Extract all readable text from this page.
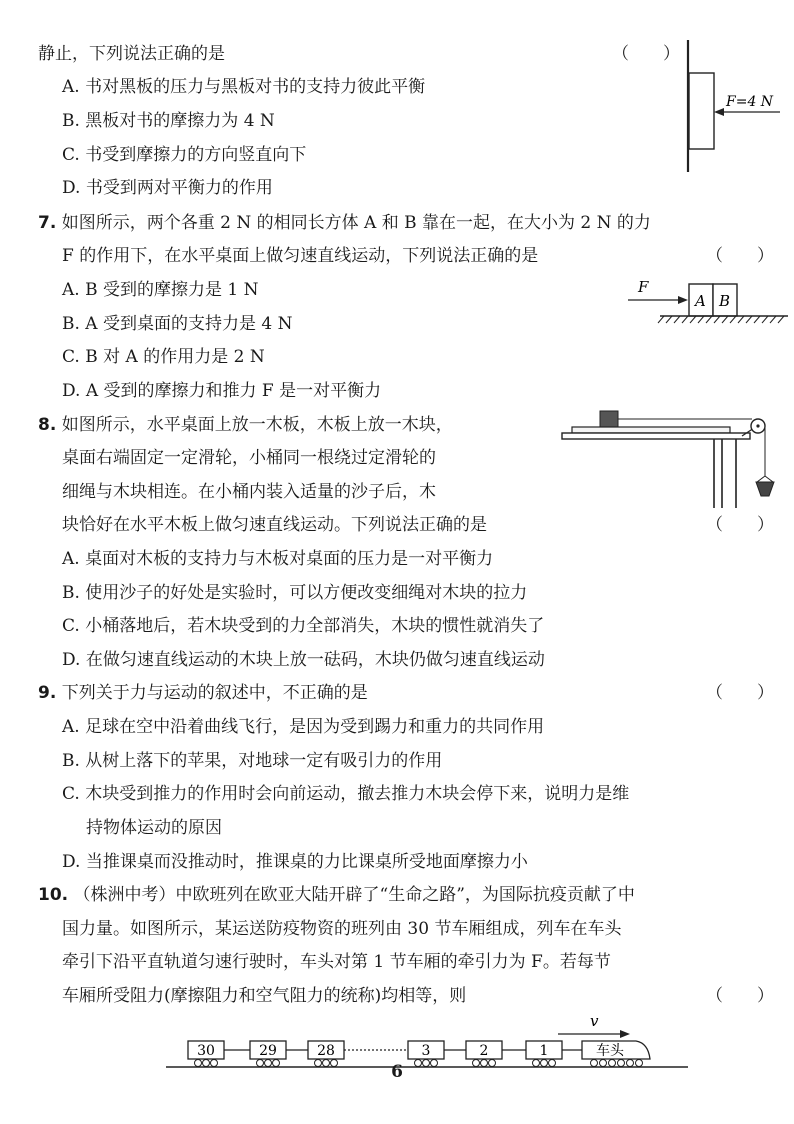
静止，下列说法正确的是	（　　）
A. 书对黑板的压力与黑板对书的支持力彼此平衡
B. 黑板对书的摩擦力为 4 N
C. 书受到摩擦力的方向竖直向下
D. 书受到两对平衡力的作用
F=4 N
7. 如图所示，两个各重 2 N 的相同长方体 A 和 B 靠在一起，在大小为 2 N 的力
F 的作用下，在水平桌面上做匀速直线运动，下列说法正确的是	（　　）
A. B 受到的摩擦力是 1 N
B. A 受到桌面的支持力是 4 N
C. B 对 A 的作用力是 2 N
D. A 受到的摩擦力和推力 F 是一对平衡力
F
A B
8. 如图所示，水平桌面上放一木板，木板上放一木块，
桌面右端固定一定滑轮，小桶同一根绕过定滑轮的
细绳与木块相连。在小桶内装入适量的沙子后，木
块恰好在水平木板上做匀速直线运动。下列说法正确的是	（　　）
A. 桌面对木板的支持力与木板对桌面的压力是一对平衡力
B. 使用沙子的好处是实验时，可以方便改变细绳对木块的拉力
C. 小桶落地后，若木块受到的力全部消失，木块的惯性就消失了
D. 在做匀速直线运动的木块上放一砝码，木块仍做匀速直线运动
9. 下列关于力与运动的叙述中，不正确的是	（　　）
A. 足球在空中沿着曲线飞行，是因为受到踢力和重力的共同作用
B. 从树上落下的苹果，对地球一定有吸引力的作用
C. 木块受到推力的作用时会向前运动，撤去推力木块会停下来，说明力是维
持物体运动的原因
D. 当推课桌而没推动时，推课桌的力比课桌所受地面摩擦力小
10. （株洲中考）中欧班列在欧亚大陆开辟了“生命之路”，为国际抗疫贡献了中
国力量。如图所示，某运送防疫物资的班列由 30 节车厢组成，列车在车头
牵引下沿平直轨道匀速行驶时，车头对第 1 节车厢的牵引力为 F。若每节
车厢所受阻力(摩擦阻力和空气阻力的统称)均相等，则	（　　）
v
30	29	28	3	2	1	车头
6
